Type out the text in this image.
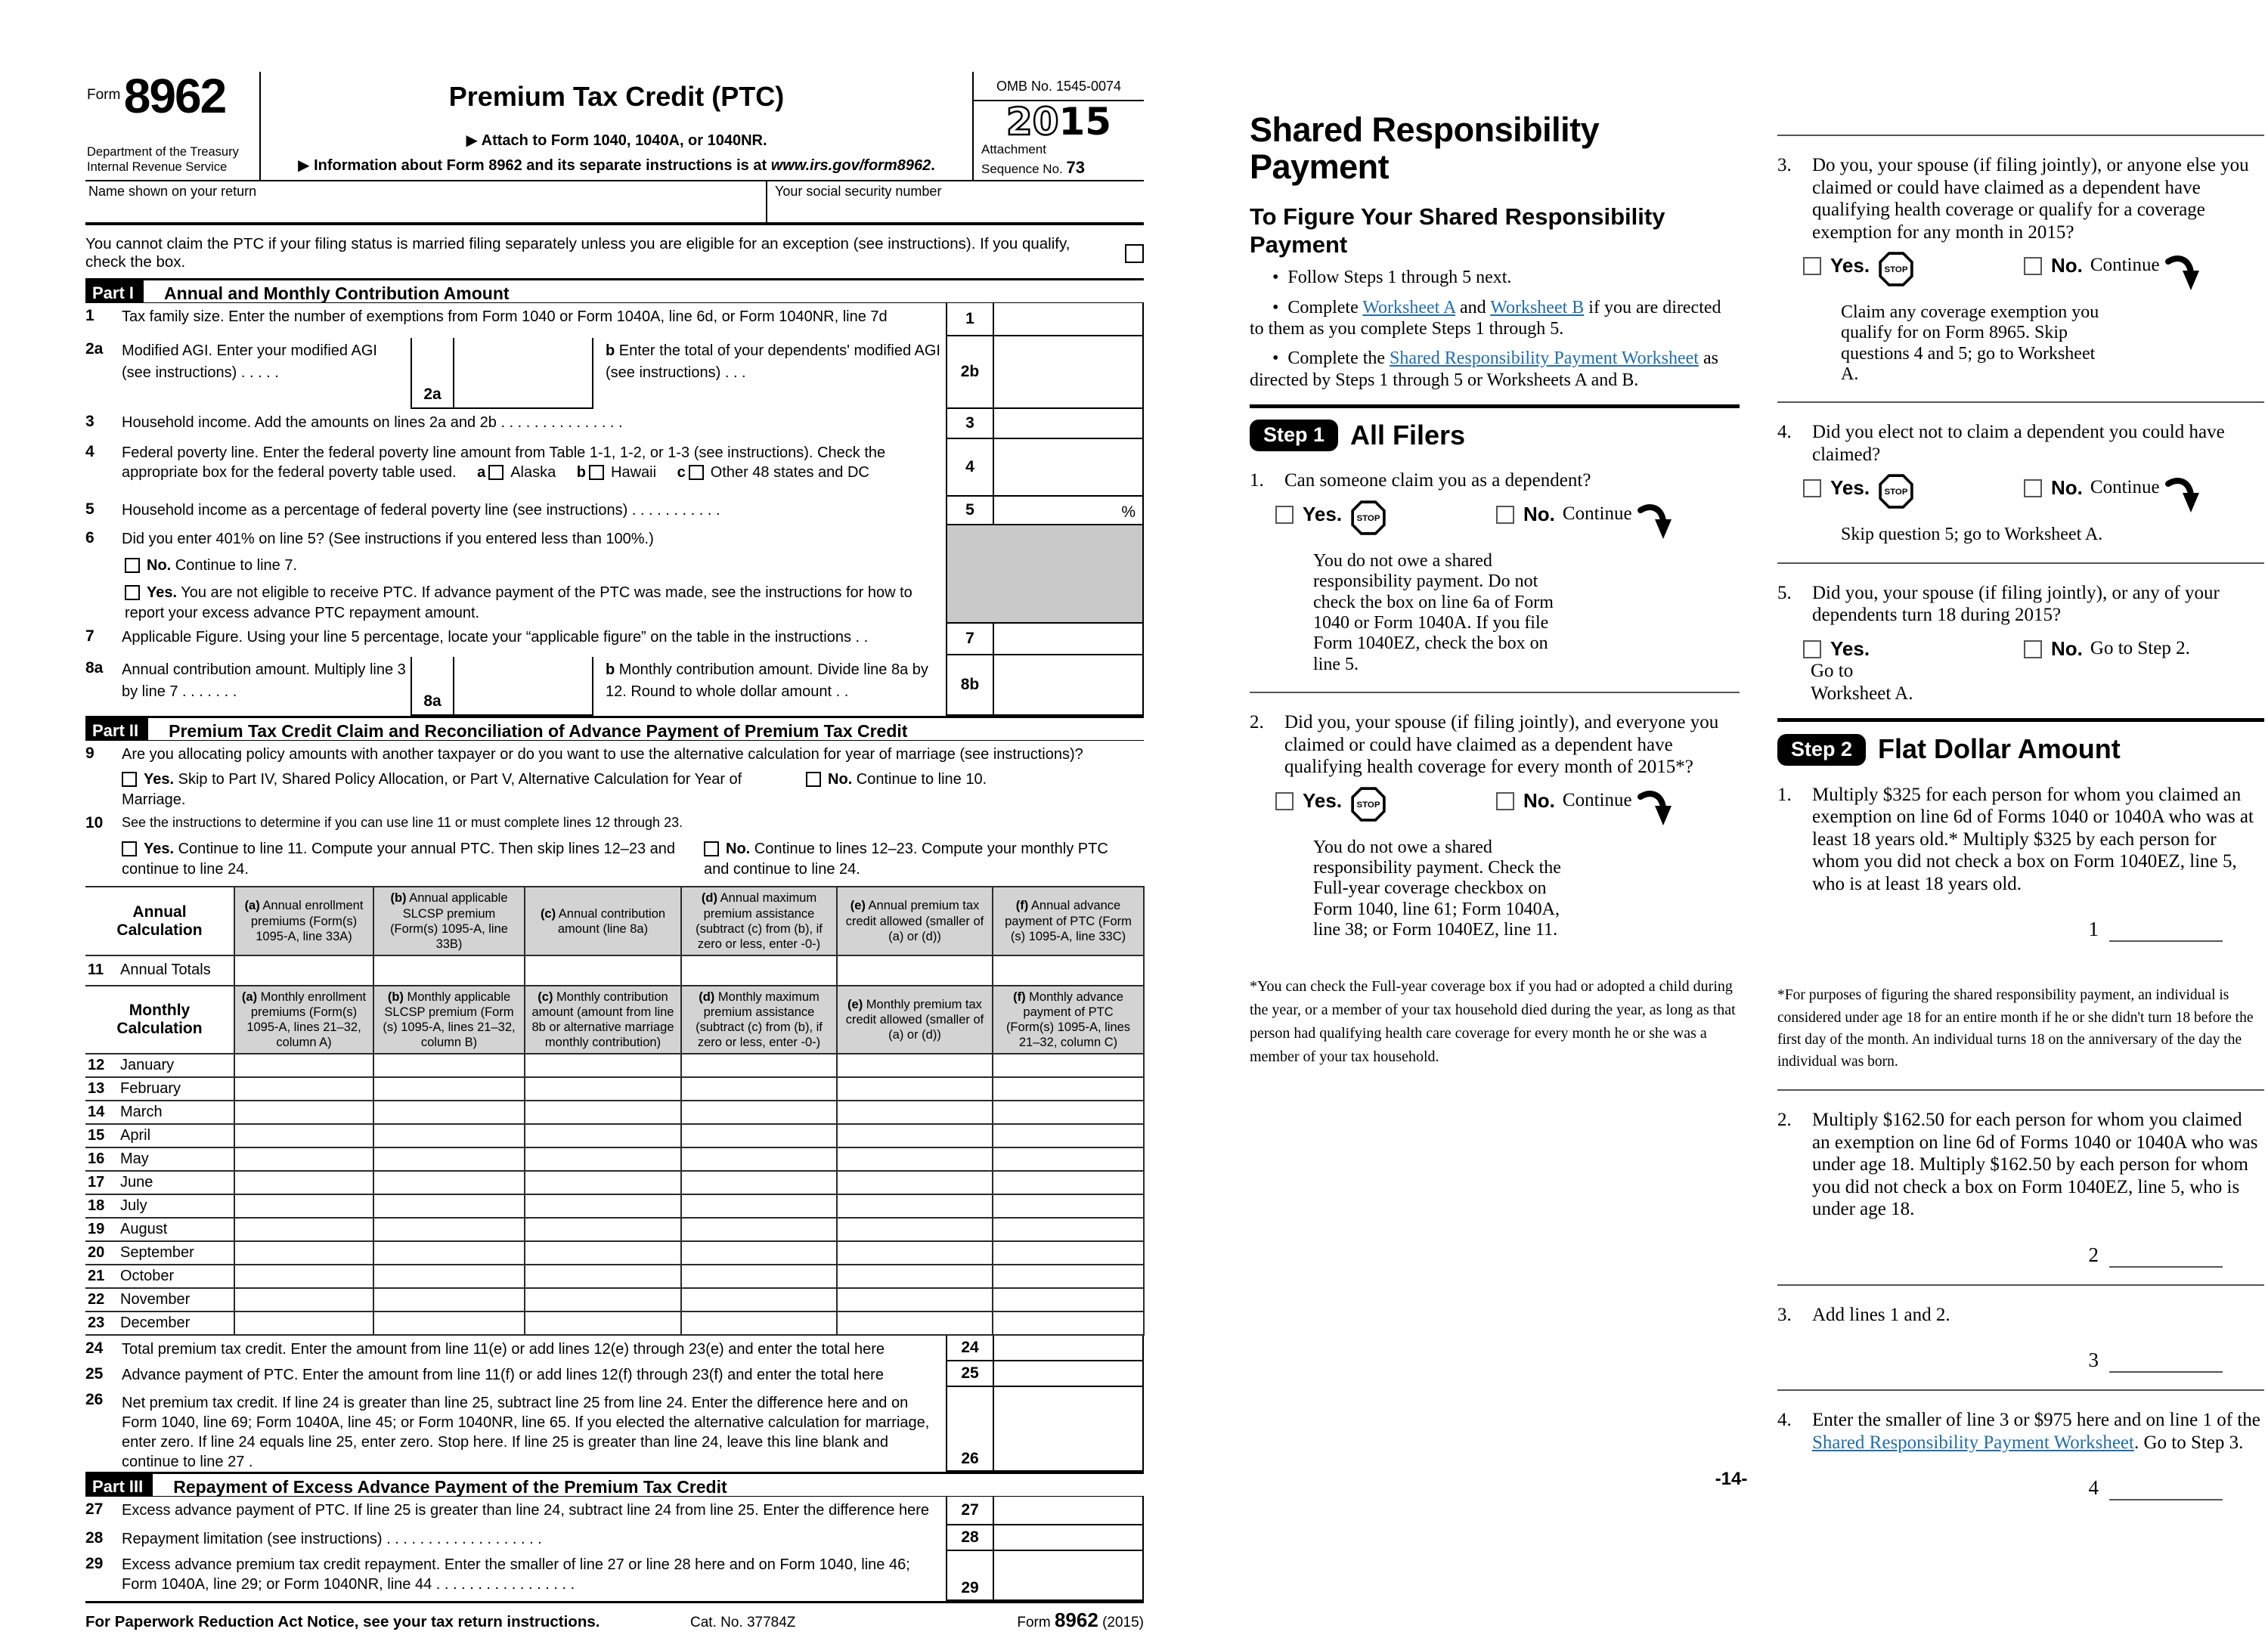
Form 8962
Department of the Treasury
Internal Revenue Service
Premium Tax Credit (PTC)
▶ Attach to Form 1040, 1040A, or 1040NR.
▶ Information about Form 8962 and its separate instructions is at www.irs.gov/form8962.
OMB No. 1545-0074
2015
Attachment
Sequence No. 73
Name shown on your return	Your social security number
You cannot claim the PTC if your filing status is married filing separately unless you are eligible for an exception (see instructions). If you qualify, check the box.
Part I	Annual and Monthly Contribution Amount
1	Tax family size. Enter the number of exemptions from Form 1040 or Form 1040A, line 6d, or Form 1040NR, line 7d	1
2a	Modified AGI. Enter your modified AGI (see instructions) . . . . .
2a
b Enter the total of your dependents' modified AGI (see instructions) . . .	2b
3	Household income. Add the amounts on lines 2a and 2b . . . . . . . . . . . . . . .	3
4	Federal poverty line. Enter the federal poverty line amount from Table 1-1, 1-2, or 1-3 (see instructions). Check the appropriate box for the federal poverty table used. a Alaska b Hawaii c Other 48 states and DC	4
5	Household income as a percentage of federal poverty line (see instructions) . . . . . . . . . . .	5	%
6	Did you enter 401% on line 5? (See instructions if you entered less than 100%.)
No. Continue to line 7.
Yes. You are not eligible to receive PTC. If advance payment of the PTC was made, see the instructions for how to report your excess advance PTC repayment amount.
7	Applicable Figure. Using your line 5 percentage, locate your “applicable figure” on the table in the instructions . .	7
8a	Annual contribution amount. Multiply line 3 by line 7 . . . . . . .
8a
b Monthly contribution amount. Divide line 8a by 12. Round to whole dollar amount . .	8b
Part II	Premium Tax Credit Claim and Reconciliation of Advance Payment of Premium Tax Credit
9	Are you allocating policy amounts with another taxpayer or do you want to use the alternative calculation for year of marriage (see instructions)?
Yes. Skip to Part IV, Shared Policy Allocation, or Part V, Alternative Calculation for Year of Marriage.
No. Continue to line 10.
10	See the instructions to determine if you can use line 11 or must complete lines 12 through 23.
Yes. Continue to line 11. Compute your annual PTC. Then skip lines 12–23 and continue to line 24.
No. Continue to lines 12–23. Compute your monthly PTC and continue to line 24.
Annual Calculation	(a) Annual enrollment premiums (Form(s) 1095-A, line 33A)	(b) Annual applicable SLCSP premium (Form(s) 1095-A, line 33B)	(c) Annual contribution amount (line 8a)	(d) Annual maximum premium assistance (subtract (c) from (b), if zero or less, enter -0-)	(e) Annual premium tax credit allowed (smaller of (a) or (d))	(f) Annual advance payment of PTC (Form (s) 1095-A, line 33C)
11 Annual Totals						
Monthly Calculation	(a) Monthly enrollment premiums (Form(s) 1095-A, lines 21–32, column A)	(b) Monthly applicable SLCSP premium (Form (s) 1095-A, lines 21–32, column B)	(c) Monthly contribution amount (amount from line 8b or alternative marriage monthly contribution)	(d) Monthly maximum premium assistance (subtract (c) from (b), if zero or less, enter -0-)	(e) Monthly premium tax credit allowed (smaller of (a) or (d))	(f) Monthly advance payment of PTC (Form(s) 1095-A, lines 21–32, column C)
12 January						
13 February						
14 March						
15 April						
16 May						
17 June						
18 July						
19 August						
20 September						
21 October						
22 November						
23 December						
24	Total premium tax credit. Enter the amount from line 11(e) or add lines 12(e) through 23(e) and enter the total here	24
25	Advance payment of PTC. Enter the amount from line 11(f) or add lines 12(f) through 23(f) and enter the total here	25
26	Net premium tax credit. If line 24 is greater than line 25, subtract line 25 from line 24. Enter the difference here and on Form 1040, line 69; Form 1040A, line 45; or Form 1040NR, line 65. If you elected the alternative calculation for marriage, enter zero. If line 24 equals line 25, enter zero. Stop here. If line 25 is greater than line 24, leave this line blank and continue to line 27 .	26
Part III	Repayment of Excess Advance Payment of the Premium Tax Credit
27	Excess advance payment of PTC. If line 25 is greater than line 24, subtract line 24 from line 25. Enter the difference here	27
28	Repayment limitation (see instructions) . . . . . . . . . . . . . . . . . . .	28
29	Excess advance premium tax credit repayment. Enter the smaller of line 27 or line 28 here and on Form 1040, line 46; Form 1040A, line 29; or Form 1040NR, line 44 . . . . . . . . . . . . . . . . .	29
For Paperwork Reduction Act Notice, see your tax return instructions.	Cat. No. 37784Z	Form 8962 (2015)
Shared Responsibility
Payment
To Figure Your Shared Responsibility
Payment
• Follow Steps 1 through 5 next.
• Complete Worksheet A and Worksheet B if you are directed to them as you complete Steps 1 through 5.
• Complete the Shared Responsibility Payment Worksheet as directed by Steps 1 through 5 or Worksheets A and B.
Step 1 All Filers
1.	Can someone claim you as a dependent?
Yes. STOP	No. Continue
You do not owe a shared responsibility payment. Do not check the box on line 6a of Form 1040 or Form 1040A. If you file Form 1040EZ, check the box on line 5.
2.	Did you, your spouse (if filing jointly), and everyone you claimed or could have claimed as a dependent have qualifying health coverage for every month of 2015*?
Yes. STOP	No. Continue
You do not owe a shared responsibility payment. Check the Full-year coverage checkbox on Form 1040, line 61; Form 1040A, line 38; or Form 1040EZ, line 11.
*You can check the Full-year coverage box if you had or adopted a child during the year, or a member of your tax household died during the year, as long as that person had qualifying health care coverage for every month he or she was a member of your tax household.
3.	Do you, your spouse (if filing jointly), or anyone else you claimed or could have claimed as a dependent have qualifying health coverage or qualify for a coverage exemption for any month in 2015?
Yes. STOP	No. Continue
Claim any coverage exemption you qualify for on Form 8965. Skip questions 4 and 5; go to Worksheet A.
4.	Did you elect not to claim a dependent you could have claimed?
Yes. STOP	No. Continue
Skip question 5; go to Worksheet A.
5.	Did you, your spouse (if filing jointly), or any of your dependents turn 18 during 2015?
Yes.
Go to Worksheet A.
No. Go to Step 2.
Step 2 Flat Dollar Amount
1.	Multiply $325 for each person for whom you claimed an exemption on line 6d of Forms 1040 or 1040A who was at least 18 years old.* Multiply $325 by each person for whom you did not check a box on Form 1040EZ, line 5, who is at least 18 years old.
1
*For purposes of figuring the shared responsibility payment, an individual is considered under age 18 for an entire month if he or she didn't turn 18 before the first day of the month. An individual turns 18 on the anniversary of the day the individual was born.
2.	Multiply $162.50 for each person for whom you claimed an exemption on line 6d of Forms 1040 or 1040A who was under age 18. Multiply $162.50 by each person for whom you did not check a box on Form 1040EZ, line 5, who is under age 18.
2
3.	Add lines 1 and 2.
3
4.	Enter the smaller of line 3 or $975 here and on line 1 of the Shared Responsibility Payment Worksheet. Go to Step 3.
4
-14-
